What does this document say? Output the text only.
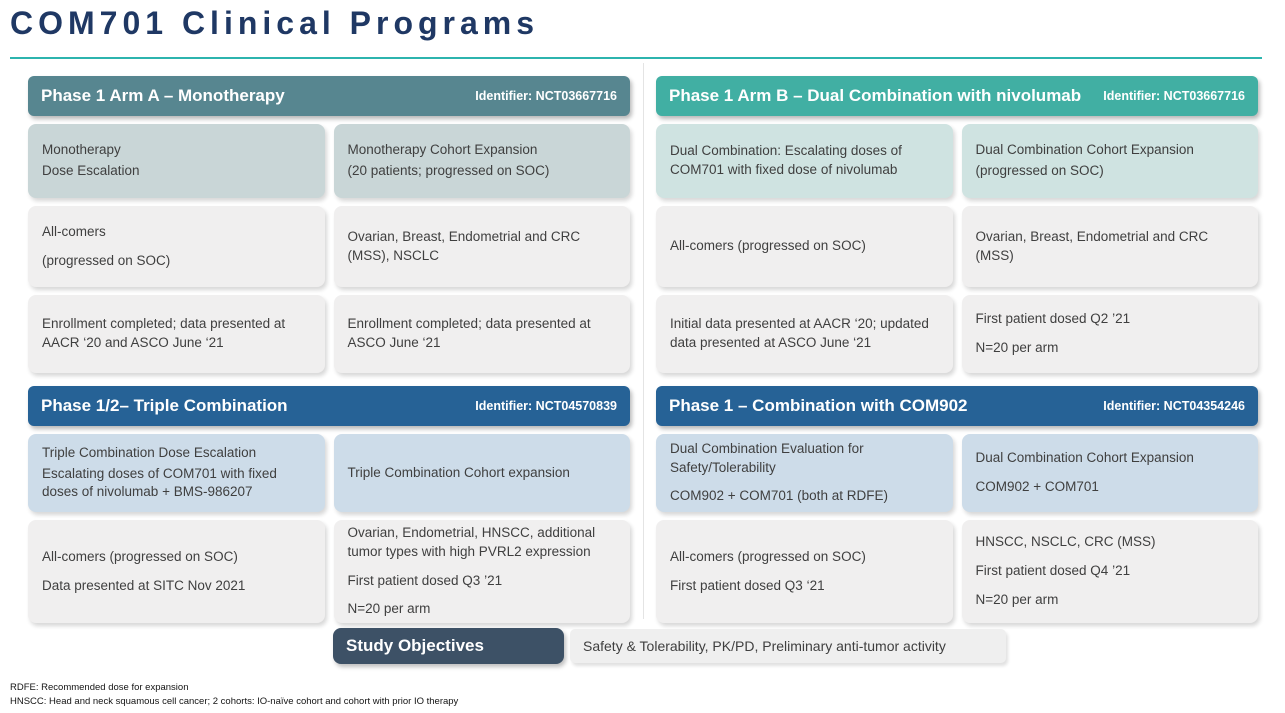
COM701 Clinical Programs
Phase 1 Arm A – Monotherapy	Identifier: NCT03667716

Monotherapy

Dose Escalation

Monotherapy Cohort Expansion

(20 patients; progressed on SOC)

All-comers

(progressed on SOC)

Ovarian, Breast, Endometrial and CRC (MSS), NSCLC

Enrollment completed; data presented at AACR ‘20 and ASCO June ‘21

Enrollment completed; data presented at ASCO June ‘21

Phase 1 Arm B – Dual Combination with nivolumab Identifier: NCT03667716

Dual Combination: Escalating doses of COM701 with fixed dose of nivolumab

Dual Combination Cohort Expansion

(progressed on SOC)

All-comers (progressed on SOC)

Ovarian, Breast, Endometrial and CRC (MSS)

Initial data presented at AACR ‘20; updated data presented at ASCO June ‘21

First patient dosed Q2 ’21

N=20 per arm

Phase 1/2– Triple Combination	Identifier: NCT04570839

Triple Combination Dose Escalation

Escalating doses of COM701 with fixed doses of nivolumab + BMS-986207

Triple Combination Cohort expansion

All-comers (progressed on SOC)

Data presented at SITC Nov 2021

Ovarian, Endometrial, HNSCC, additional tumor types with high PVRL2 expression

First patient dosed Q3 ’21

N=20 per arm

Phase 1 – Combination with COM902	Identifier: NCT04354246

Dual Combination Evaluation for Safety/Tolerability

COM902 + COM701 (both at RDFE)

Dual Combination Cohort Expansion

COM902 + COM701

All-comers (progressed on SOC)

First patient dosed Q3 ‘21

HNSCC, NSCLC, CRC (MSS)

First patient dosed Q4 ’21

N=20 per arm

Study Objectives	Safety & Tolerability, PK/PD, Preliminary anti-tumor activity

RDFE: Recommended dose for expansion

HNSCC: Head and neck squamous cell cancer; 2 cohorts: IO-naïve cohort and cohort with prior IO therapy
